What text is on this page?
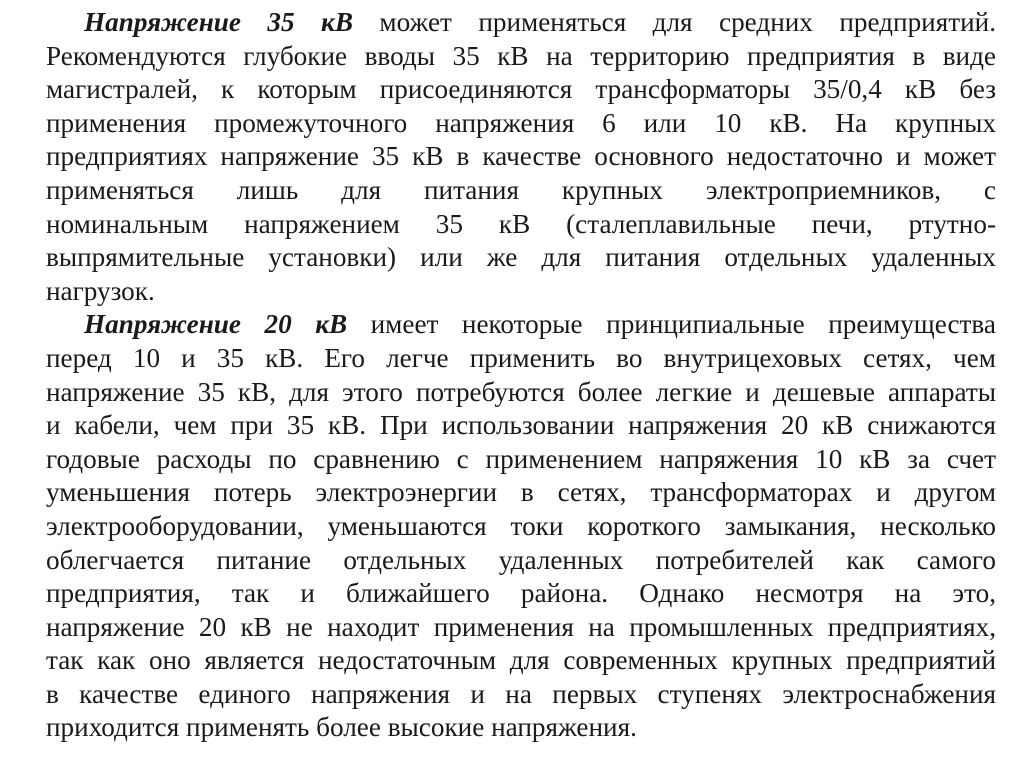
Напряжение 35 кВ может применяться для средних предприятий.
Рекомендуются глубокие вводы 35 кВ на территорию предприятия в виде
магистралей, к которым присоединяются трансформаторы 35/0,4 кВ без
применения промежуточного напряжения 6 или 10 кВ. На крупных
предприятиях напряжение 35 кВ в качестве основного недостаточно и может
применяться лишь для питания крупных электроприемников, с
номинальным напряжением 35 кВ (сталеплавильные печи, ртутно-
выпрямительные установки) или же для питания отдельных удаленных
нагрузок.
Напряжение 20 кВ имеет некоторые принципиальные преимущества
перед 10 и 35 кВ. Его легче применить во внутрицеховых сетях, чем
напряжение 35 кВ, для этого потребуются более легкие и дешевые аппараты
и кабели, чем при 35 кВ. При использовании напряжения 20 кВ снижаются
годовые расходы по сравнению с применением напряжения 10 кВ за счет
уменьшения потерь электроэнергии в сетях, трансформаторах и другом
электрооборудовании, уменьшаются токи короткого замыкания, несколько
облегчается питание отдельных удаленных потребителей как самого
предприятия, так и ближайшего района. Однако несмотря на это,
напряжение 20 кВ не находит применения на промышленных предприятиях,
так как оно является недостаточным для современных крупных предприятий
в качестве единого напряжения и на первых ступенях электроснабжения
приходится применять более высокие напряжения.
